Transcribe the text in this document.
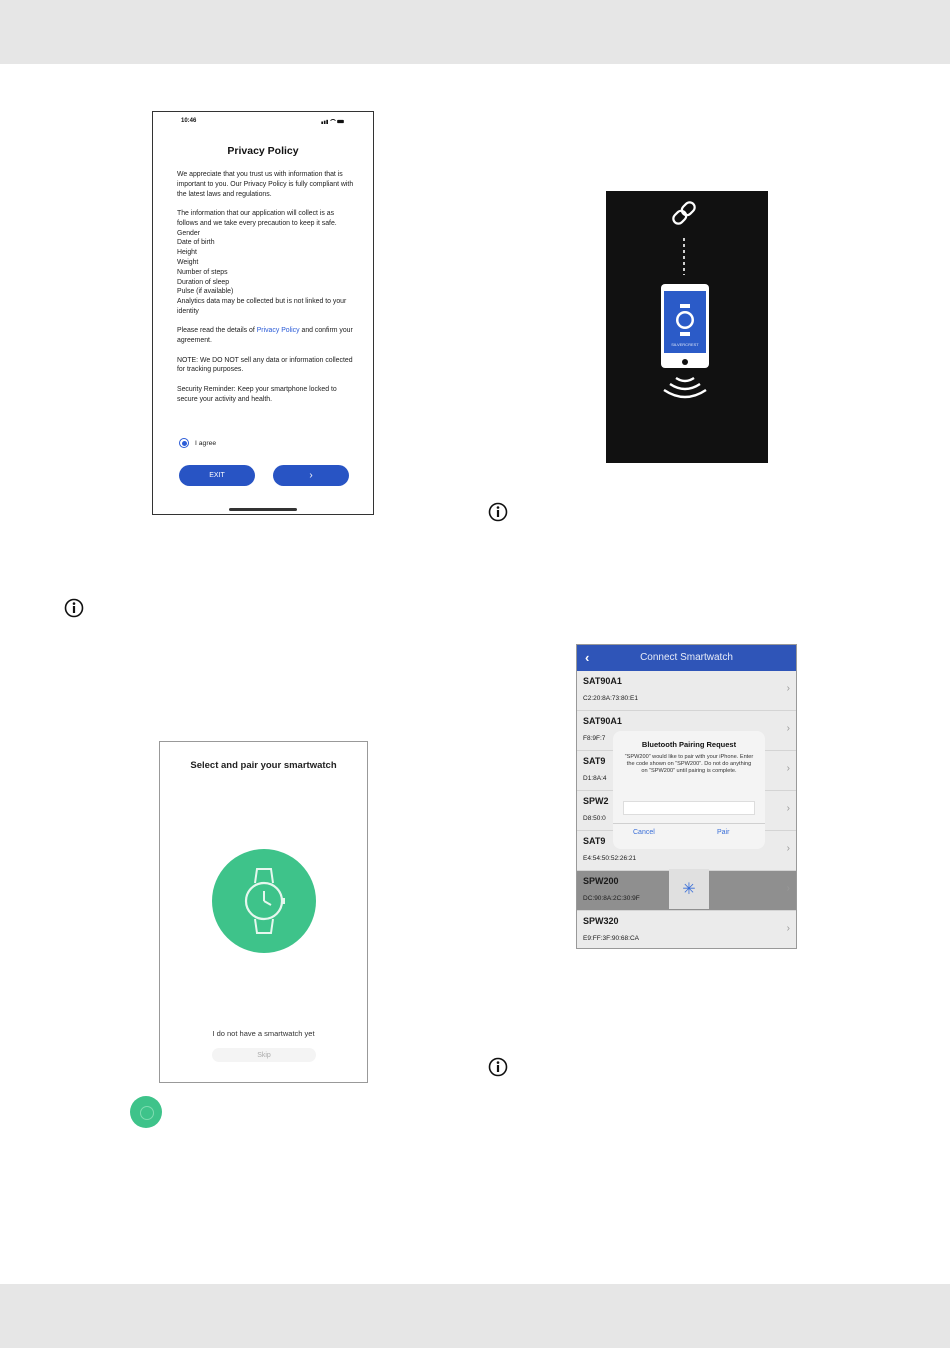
10:46
Privacy Policy

We appreciate that you trust us with information that is important to you. Our Privacy Policy is fully compliant with the latest laws and regulations.

The information that our application will collect is as follows and we take every precaution to keep it safe.

Gender
Date of birth
Height
Weight
Number of steps
Duration of sleep
Pulse (if available)

Analytics data may be collected but is not linked to your identity

Please read the details of Privacy Policy and confirm your agreement.

NOTE: We DO NOT sell any data or information collected for tracking purposes.

Security Reminder: Keep your smartphone locked to secure your activity and health.

I agree
EXIT	›
Select and pair your smartwatch
I do not have a smartwatch yet
Skip
SILVERCREST
‹	Connect Smartwatch
SAT90A1
C2:20:8A:73:80:E1
›
SAT90A1
F8:9F:7
›
SAT9
D1:8A:4
›
SPW2
D8:50:0
›
SAT9
E4:54:50:52:26:21
›
SPW200
DC:90:8A:2C:30:9F
✳	›
SPW320
E9:FF:3F:90:68:CA
›
Bluetooth Pairing Request
“SPW200” would like to pair with your iPhone. Enter the code shown on “SPW200”. Do not do anything on “SPW200” until pairing is complete.
Cancel	Pair
